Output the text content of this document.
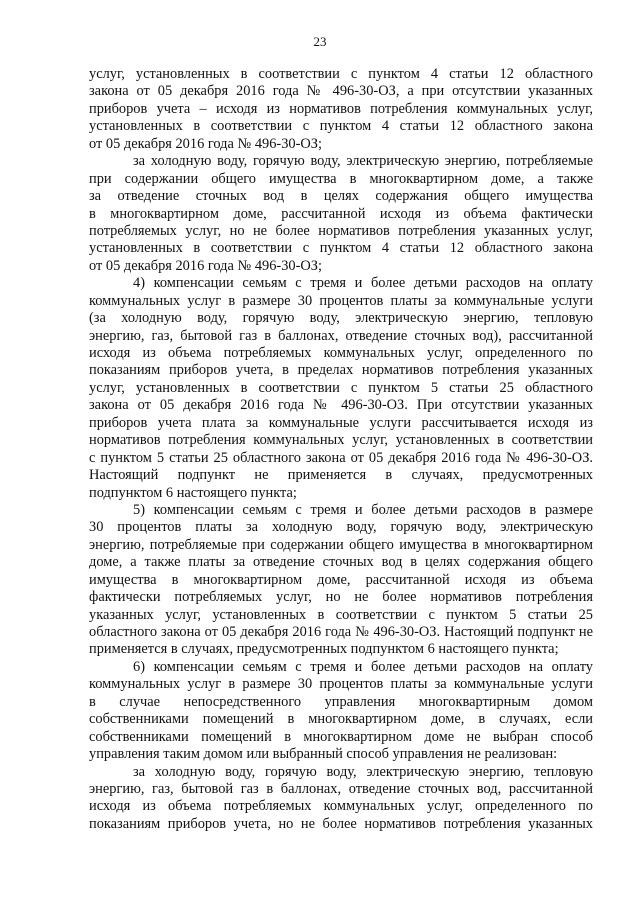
23
услуг, установленных в соответствии с пунктом 4 статьи 12 областного
закона от 05 декабря 2016 года № 496-30-ОЗ, а при отсутствии указанных
приборов учета – исходя из нормативов потребления коммунальных услуг,
установленных в соответствии с пунктом 4 статьи 12 областного закона
от 05 декабря 2016 года № 496-30-ОЗ;
за холодную воду, горячую воду, электрическую энергию, потребляемые
при содержании общего имущества в многоквартирном доме, а также
за отведение сточных вод в целях содержания общего имущества
в многоквартирном доме, рассчитанной исходя из объема фактически
потребляемых услуг, но не более нормативов потребления указанных услуг,
установленных в соответствии с пунктом 4 статьи 12 областного закона
от 05 декабря 2016 года № 496-30-ОЗ;
4) компенсации семьям с тремя и более детьми расходов на оплату
коммунальных услуг в размере 30 процентов платы за коммунальные услуги
(за холодную воду, горячую воду, электрическую энергию, тепловую
энергию, газ, бытовой газ в баллонах, отведение сточных вод), рассчитанной
исходя из объема потребляемых коммунальных услуг, определенного по
показаниям приборов учета, в пределах нормативов потребления указанных
услуг, установленных в соответствии с пунктом 5 статьи 25 областного
закона от 05 декабря 2016 года № 496-30-ОЗ. При отсутствии указанных
приборов учета плата за коммунальные услуги рассчитывается исходя из
нормативов потребления коммунальных услуг, установленных в соответствии
с пунктом 5 статьи 25 областного закона от 05 декабря 2016 года № 496-30-ОЗ.
Настоящий подпункт не применяется в случаях, предусмотренных
подпунктом 6 настоящего пункта;
5) компенсации семьям с тремя и более детьми расходов в размере
30 процентов платы за холодную воду, горячую воду, электрическую
энергию, потребляемые при содержании общего имущества в многоквартирном
доме, а также платы за отведение сточных вод в целях содержания общего
имущества в многоквартирном доме, рассчитанной исходя из объема
фактически потребляемых услуг, но не более нормативов потребления
указанных услуг, установленных в соответствии с пунктом 5 статьи 25
областного закона от 05 декабря 2016 года № 496-30-ОЗ. Настоящий подпункт не
применяется в случаях, предусмотренных подпунктом 6 настоящего пункта;
6) компенсации семьям с тремя и более детьми расходов на оплату
коммунальных услуг в размере 30 процентов платы за коммунальные услуги
в случае непосредственного управления многоквартирным домом
собственниками помещений в многоквартирном доме, в случаях, если
собственниками помещений в многоквартирном доме не выбран способ
управления таким домом или выбранный способ управления не реализован:
за холодную воду, горячую воду, электрическую энергию, тепловую
энергию, газ, бытовой газ в баллонах, отведение сточных вод, рассчитанной
исходя из объема потребляемых коммунальных услуг, определенного по
показаниям приборов учета, но не более нормативов потребления указанных
